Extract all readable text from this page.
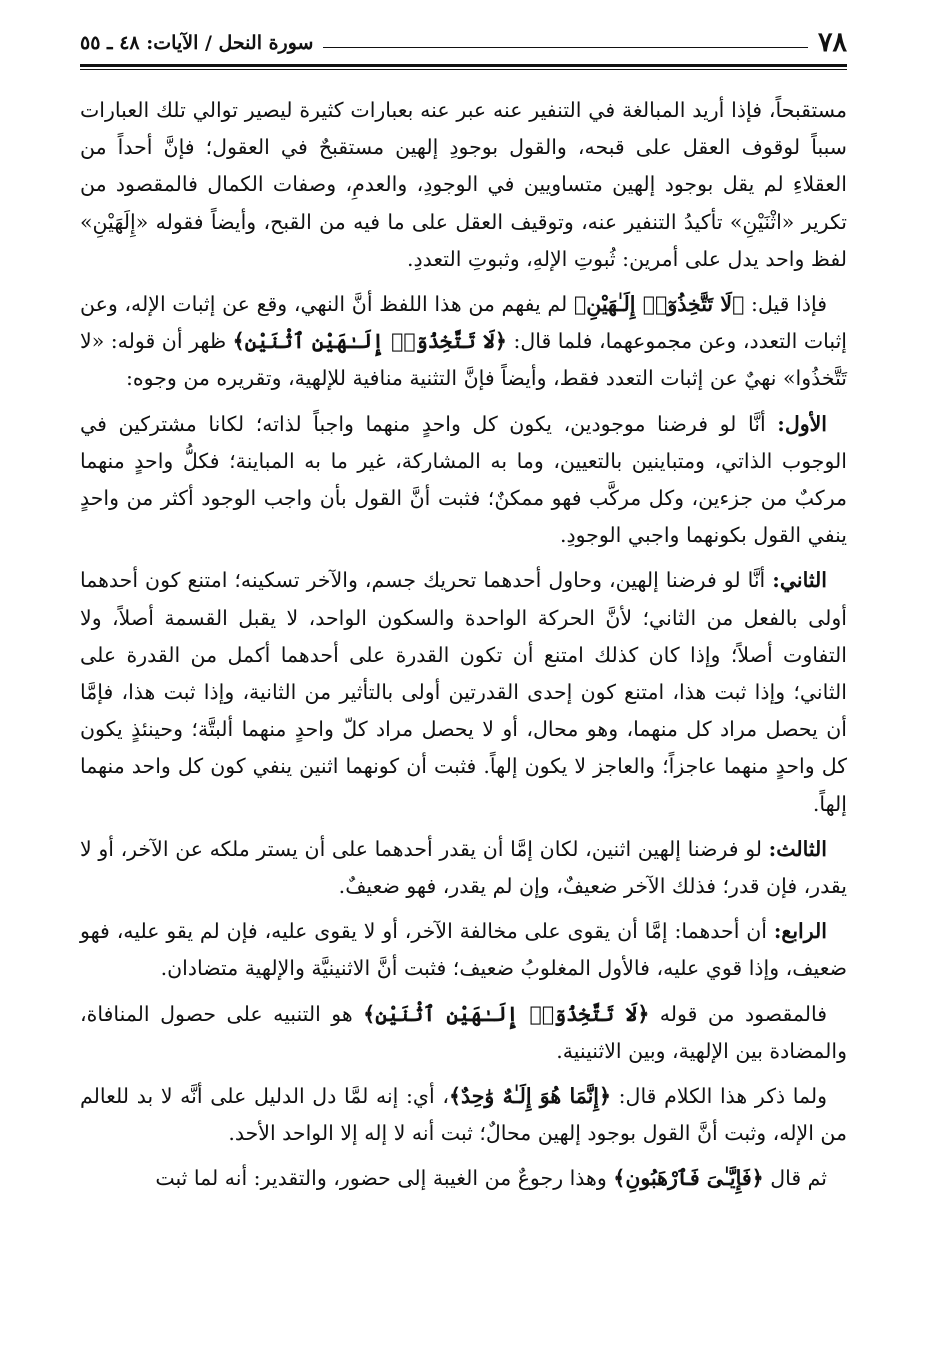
٧٨
سورة النحل / الآيات: ٤٨ ـ ٥٥

مستقبحاً، فإذا أريد المبالغة في التنفير عنه عبر عنه بعبارات كثيرة ليصير توالي تلك العبارات سبباً لوقوف العقل على قبحه، والقول بوجودِ إلهين مستقبحٌ في العقول؛ فإنَّ أحداً من العقلاءِ لم يقل بوجود إلهين متساويين في الوجودِ، والعدمِ، وصفات الكمال فالمقصود من تكرير «اثْنَيْنِ» تأكيدُ التنفير عنه، وتوقيف العقل على ما فيه من القبح، وأيضاً فقوله «إِلَهَيْنِ» لفظ واحد يدل على أمرين: ثُبوتِ الإلهِ، وثبوتِ التعددِ.

فإذا قيل: ﴿لَا تَتَّخِذُوٓا۟ إِلَـٰهَيْنِ﴾ لم يفهم من هذا اللفظ أنَّ النهي، وقع عن إثبات الإله، وعن إثبات التعدد، وعن مجموعهما، فلما قال: ﴿لَا تَتَّخِذُوٓا۟ إِلَـٰهَيْنِ ٱثْنَيْنِ﴾ ظهر أن قوله: «لا تَتَّخذُوا» نهيٌ عن إثبات التعدد فقط، وأيضاً فإنَّ التثنية منافية للإلهية، وتقريره من وجوه:

الأول: أنَّا لو فرضنا موجودين، يكون كل واحدٍ منهما واجباً لذاته؛ لكانا مشتركين في الوجوب الذاتي، ومتباينين بالتعيين، وما به المشاركة، غير ما به المباينة؛ فكلُّ واحدٍ منهما مركبٌ من جزءين، وكل مركَّب فهو ممكنٌ؛ فثبت أنَّ القول بأن واجب الوجود أكثر من واحدٍ ينفي القول بكونهما واجبي الوجودِ.

الثاني: أنَّا لو فرضنا إلهين، وحاول أحدهما تحريك جسم، والآخر تسكينه؛ امتنع كون أحدهما أولى بالفعل من الثاني؛ لأنَّ الحركة الواحدة والسكون الواحد، لا يقبل القسمة أصلاً، ولا التفاوت أصلاً؛ وإذا كان كذلك امتنع أن تكون القدرة على أحدهما أكمل من القدرة على الثاني؛ وإذا ثبت هذا، امتنع كون إحدى القدرتين أولى بالتأثير من الثانية، وإذا ثبت هذا، فإمَّا أن يحصل مراد كل منهما، وهو محال، أو لا يحصل مراد كلّ واحدٍ منهما ألبتَّة؛ وحينئذٍ يكون كل واحدٍ منهما عاجزاً؛ والعاجز لا يكون إلهاً. فثبت أن كونهما اثنين ينفي كون كل واحد منهما إلهاً.

الثالث: لو فرضنا إلهين اثنين، لكان إمَّا أن يقدر أحدهما على أن يستر ملكه عن الآخر، أو لا يقدر، فإن قدر؛ فذلك الآخر ضعيفٌ، وإن لم يقدر، فهو ضعيفٌ.

الرابع: أن أحدهما: إمَّا أن يقوى على مخالفة الآخر، أو لا يقوى عليه، فإن لم يقو عليه، فهو ضعيف، وإذا قوي عليه، فالأول المغلوبُ ضعيف؛ فثبت أنَّ الاثنينيَّة والإلهية متضادان.

فالمقصود من قوله ﴿لَا تَتَّخِذُوٓا۟ إِلَـٰهَيْنِ ٱثْنَيْنِ﴾ هو التنبيه على حصول المنافاة، والمضادة بين الإلهية، وبين الاثنينية.

ولما ذكر هذا الكلام قال: ﴿إِنَّمَا هُوَ إِلَـٰهٌ وَٰحِدٌ﴾، أي: إنه لمَّا دل الدليل على أنَّه لا بد للعالم من الإله، وثبت أنَّ القول بوجود إلهين محالٌ؛ ثبت أنه لا إله إلا الواحد الأحد.

ثم قال ﴿فَإِيَّـٰىَ فَٱرْهَبُونِ﴾ وهذا رجوعٌ من الغيبة إلى حضور، والتقدير: أنه لما ثبت
